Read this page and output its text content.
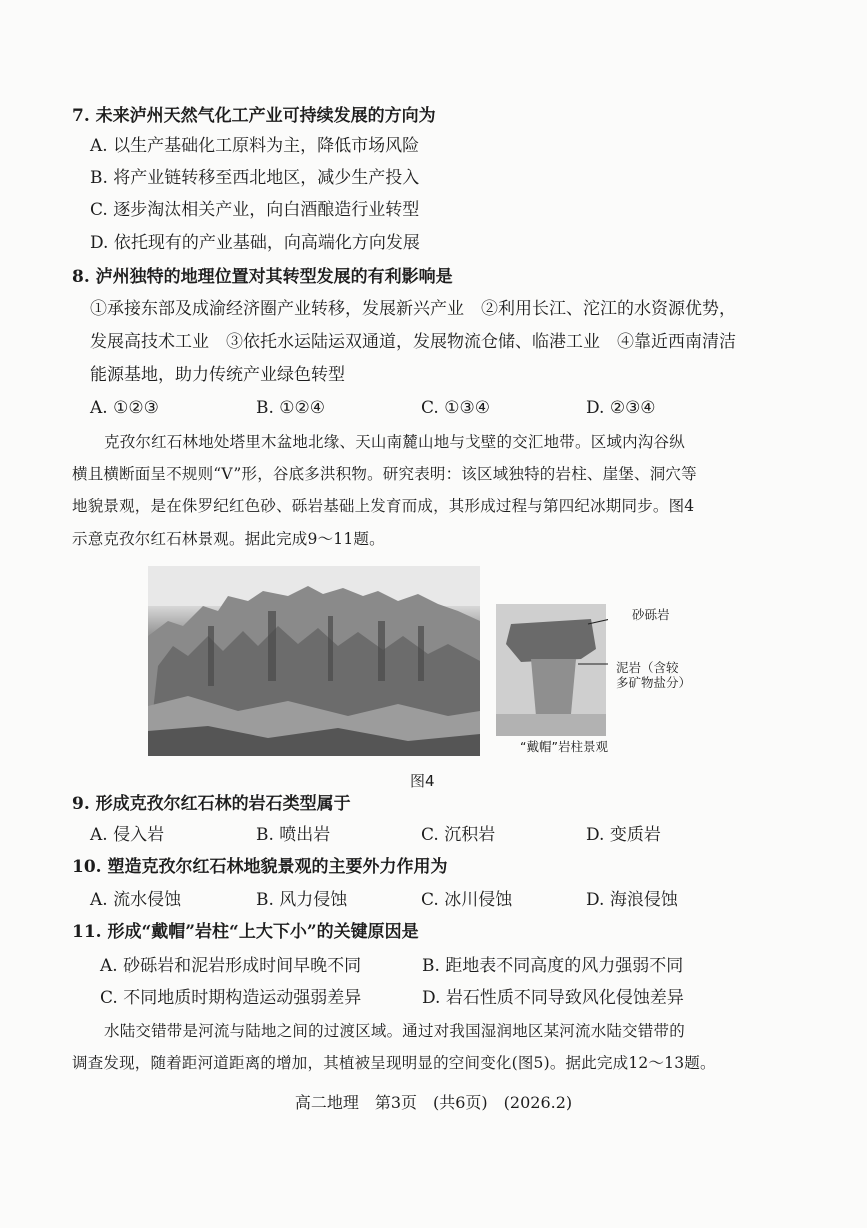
7. 未来泸州天然气化工产业可持续发展的方向为
A. 以生产基础化工原料为主，降低市场风险
B. 将产业链转移至西北地区，减少生产投入
C. 逐步淘汰相关产业，向白酒酿造行业转型
D. 依托现有的产业基础，向高端化方向发展
8. 泸州独特的地理位置对其转型发展的有利影响是
①承接东部及成渝经济圈产业转移，发展新兴产业　②利用长江、沱江的水资源优势，
发展高技术工业　③依托水运陆运双通道，发展物流仓储、临港工业　④靠近西南清洁
能源基地，助力传统产业绿色转型
A. ①②③	B. ①②④	C. ①③④	D. ②③④
克孜尔红石林地处塔里木盆地北缘、天山南麓山地与戈壁的交汇地带。区域内沟谷纵
横且横断面呈不规则“V”形，谷底多洪积物。研究表明：该区域独特的岩柱、崖堡、洞穴等
地貌景观，是在侏罗纪红色砂、砾岩基础上发育而成，其形成过程与第四纪冰期同步。图4
示意克孜尔红石林景观。据此完成9～11题。
砂砾岩
泥岩（含较
多矿物盐分）
“戴帽”岩柱景观
图4
9. 形成克孜尔红石林的岩石类型属于
A. 侵入岩	B. 喷出岩	C. 沉积岩	D. 变质岩
10. 塑造克孜尔红石林地貌景观的主要外力作用为
A. 流水侵蚀	B. 风力侵蚀	C. 冰川侵蚀	D. 海浪侵蚀
11. 形成“戴帽”岩柱“上大下小”的关键原因是
A. 砂砾岩和泥岩形成时间早晚不同	B. 距地表不同高度的风力强弱不同
C. 不同地质时期构造运动强弱差异	D. 岩石性质不同导致风化侵蚀差异
水陆交错带是河流与陆地之间的过渡区域。通过对我国湿润地区某河流水陆交错带的
调查发现，随着距河道距离的增加，其植被呈现明显的空间变化(图5)。据此完成12～13题。
高二地理　第3页　(共6页)　(2026.2)
